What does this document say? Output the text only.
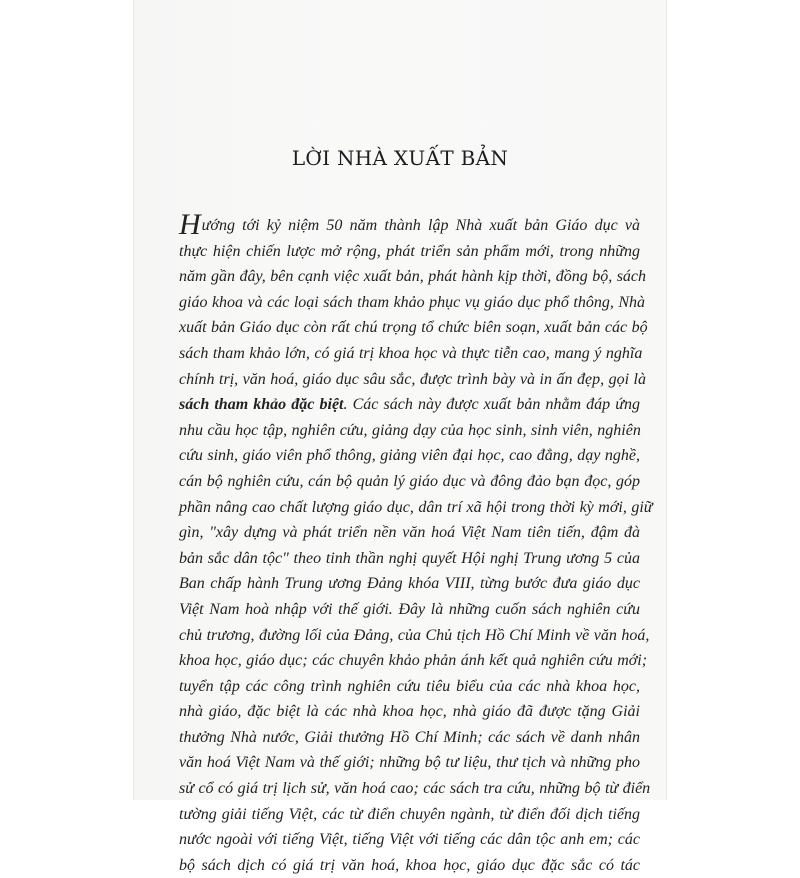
LỜI NHÀ XUẤT BẢN
Hướng tới kỷ niệm 50 năm thành lập Nhà xuất bản Giáo dục và
thực hiện chiến lược mở rộng, phát triển sản phẩm mới, trong những
năm gần đây, bên cạnh việc xuất bản, phát hành kịp thời, đồng bộ, sách
giáo khoa và các loại sách tham khảo phục vụ giáo dục phổ thông, Nhà
xuất bản Giáo dục còn rất chú trọng tổ chức biên soạn, xuất bản các bộ
sách tham khảo lớn, có giá trị khoa học và thực tiễn cao, mang ý nghĩa
chính trị, văn hoá, giáo dục sâu sắc, được trình bày và in ấn đẹp, gọi là
sách tham khảo đặc biệt. Các sách này được xuất bản nhằm đáp ứng
nhu cầu học tập, nghiên cứu, giảng dạy của học sinh, sinh viên, nghiên
cứu sinh, giáo viên phổ thông, giảng viên đại học, cao đẳng, dạy nghề,
cán bộ nghiên cứu, cán bộ quản lý giáo dục và đông đảo bạn đọc, góp
phần nâng cao chất lượng giáo dục, dân trí xã hội trong thời kỳ mới, giữ
gìn, "xây dựng và phát triển nền văn hoá Việt Nam tiên tiến, đậm đà
bản sắc dân tộc" theo tinh thần nghị quyết Hội nghị Trung ương 5 của
Ban chấp hành Trung ương Đảng khóa VIII, từng bước đưa giáo dục
Việt Nam hoà nhập với thế giới. Đây là những cuốn sách nghiên cứu
chủ trương, đường lối của Đảng, của Chủ tịch Hồ Chí Minh về văn hoá,
khoa học, giáo dục; các chuyên khảo phản ánh kết quả nghiên cứu mới;
tuyển tập các công trình nghiên cứu tiêu biểu của các nhà khoa học,
nhà giáo, đặc biệt là các nhà khoa học, nhà giáo đã được tặng Giải
thưởng Nhà nước, Giải thưởng Hồ Chí Minh; các sách về danh nhân
văn hoá Việt Nam và thế giới; những bộ tư liệu, thư tịch và những pho
sử cổ có giá trị lịch sử, văn hoá cao; các sách tra cứu, những bộ từ điển
tường giải tiếng Việt, các từ điển chuyên ngành, từ điển đối dịch tiếng
nước ngoài với tiếng Việt, tiếng Việt với tiếng các dân tộc anh em; các
bộ sách dịch có giá trị văn hoá, khoa học, giáo dục đặc sắc có tác
